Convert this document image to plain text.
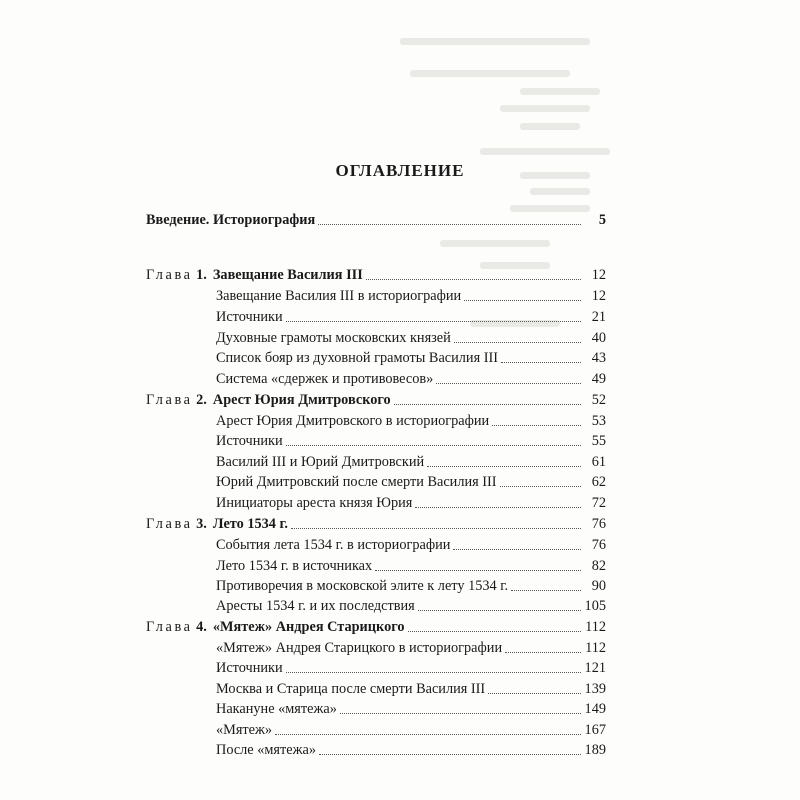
ОГЛАВЛЕНИЕ
Введение. Историография	5
Глава 1. Завещание Василия III	12
Завещание Василия III в историографии	12
Источники	21
Духовные грамоты московских князей	40
Список бояр из духовной грамоты Василия III	43
Система «сдержек и противовесов»	49
Глава 2. Арест Юрия Дмитровского	52
Арест Юрия Дмитровского в историографии	53
Источники	55
Василий III и Юрий Дмитровский	61
Юрий Дмитровский после смерти Василия III	62
Инициаторы ареста князя Юрия	72
Глава 3. Лето 1534 г.	76
События лета 1534 г. в историографии	76
Лето 1534 г. в источниках	82
Противоречия в московской элите к лету 1534 г.	90
Аресты 1534 г. и их последствия	105
Глава 4. «Мятеж» Андрея Старицкого	112
«Мятеж» Андрея Старицкого в историографии	112
Источники	121
Москва и Старица после смерти Василия III	139
Накануне «мятежа»	149
«Мятеж»	167
После «мятежа»	189
